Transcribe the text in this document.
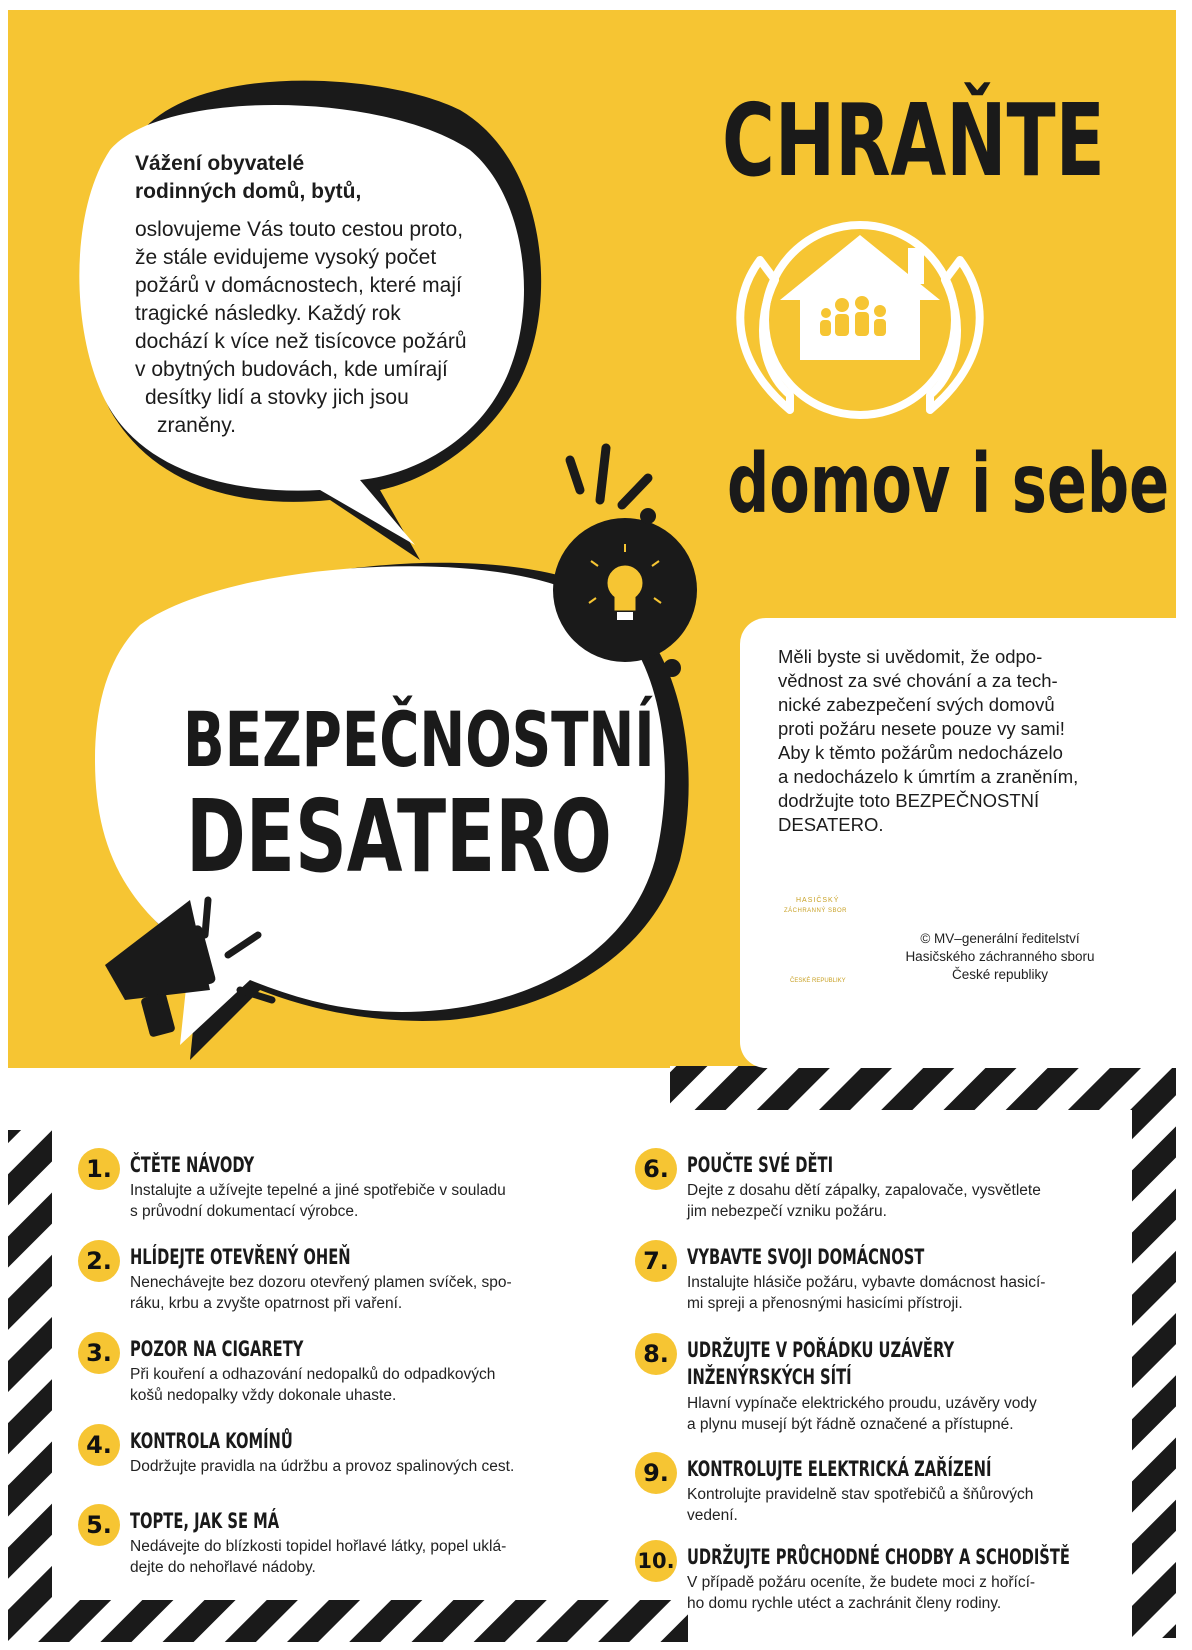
CHRAŇTE
domov i sebe
Vážení obyvatelé
rodinných domů, bytů,
oslovujeme Vás touto cestou proto,
že stále evidujeme vysoký počet
požárů v domácnostech, které mají
tragické následky. Každý rok
dochází k více než tisícovce požárů
v obytných budovách, kde umírají
desítky lidí a stovky jich jsou
zraněny.
BEZPEČNOSTNÍ
DESATERO
Měli byste si uvědomit, že odpo-
vědnost za své chování a za tech-
nické zabezpečení svých domovů
proti požáru nesete pouze vy sami!
Aby k těmto požárům nedocházelo
a nedocházelo k úmrtím a zraněním,
dodržujte toto BEZPEČNOSTNÍ
DESATERO.
HASIČSKÝ
ZÁCHRANNÝ SBOR
ČESKÉ REPUBLIKY
© MV–generální ředitelství
Hasičského záchranného sboru
České republiky
1. ČTĚTE NÁVODY
Instalujte a užívejte tepelné a jiné spotřebiče v souladu
s průvodní dokumentací výrobce.
2. HLÍDEJTE OTEVŘENÝ OHEŇ
Nenechávejte bez dozoru otevřený plamen svíček, spo-
ráku, krbu a zvyšte opatrnost při vaření.
3. POZOR NA CIGARETY
Při kouření a odhazování nedopalků do odpadkových
košů nedopalky vždy dokonale uhaste.
4. KONTROLA KOMÍNŮ
Dodržujte pravidla na údržbu a provoz spalinových cest.
5. TOPTE, JAK SE MÁ
Nedávejte do blízkosti topidel hořlavé látky, popel uklá-
dejte do nehořlavé nádoby.
6. POUČTE SVÉ DĚTI
Dejte z dosahu dětí zápalky, zapalovače, vysvětlete
jim nebezpečí vzniku požáru.
7. VYBAVTE SVOJI DOMÁCNOST
Instalujte hlásiče požáru, vybavte domácnost hasicí-
mi spreji a přenosnými hasicími přístroji.
8. UDRŽUJTE V POŘÁDKU UZÁVĚRY
INŽENÝRSKÝCH SÍTÍ
Hlavní vypínače elektrického proudu, uzávěry vody
a plynu musejí být řádně označené a přístupné.
9. KONTROLUJTE ELEKTRICKÁ ZAŘÍZENÍ
Kontrolujte pravidelně stav spotřebičů a šňůrových
vedení.
10. UDRŽUJTE PRŮCHODNÉ CHODBY A SCHODIŠTĚ
V případě požáru oceníte, že budete moci z hořící-
ho domu rychle utéct a zachránit členy rodiny.
